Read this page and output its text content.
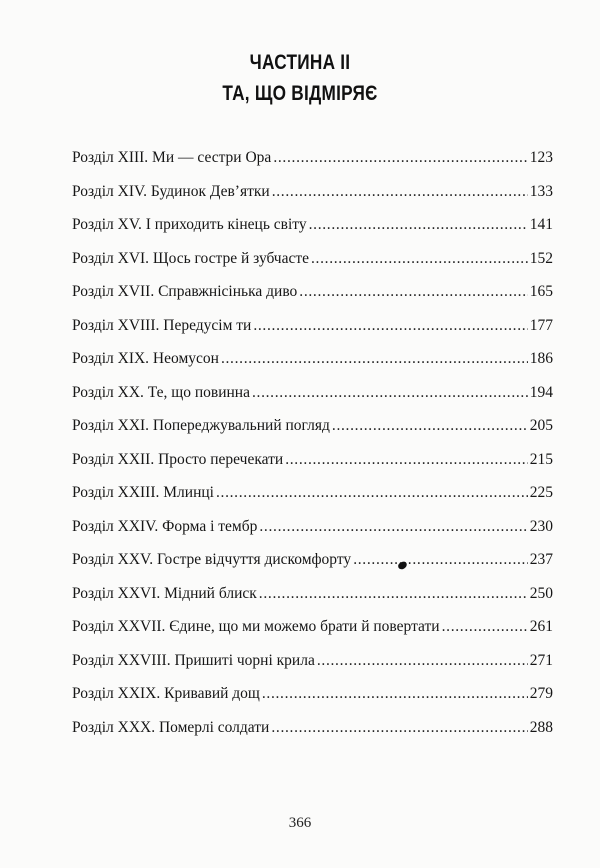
ЧАСТИНА II
ТА, ЩО ВІДМІРЯЄ
Розділ XIII. Ми — сестри Ора . . .	123
Розділ XIV. Будинок Дев’ятки . . .	133
Розділ XV. І приходить кінець світу . . .	141
Розділ XVI. Щось гостре й зубчасте . . .	152
Розділ XVII. Справжнісінька диво . . .	165
Розділ XVIII. Передусім ти . . .	177
Розділ XIX. Неомусон . . .	186
Розділ XX. Те, що повинна . . .	194
Розділ XXI. Попереджувальний погляд . . .	205
Розділ XXII. Просто перечекати . . .	215
Розділ XXIII. Млинці . . .	225
Розділ XXIV. Форма і тембр . . .	230
Розділ XXV. Гостре відчуття дискомфорту . . .	237
Розділ XXVI. Мідний блиск . . .	250
Розділ XXVII. Єдине, що ми можемо брати й повертати . . .	261
Розділ XXVIII. Пришиті чорні крила . . .	271
Розділ XXIX. Кривавий дощ . . .	279
Розділ XXX. Померлі солдати . . .	288
366
